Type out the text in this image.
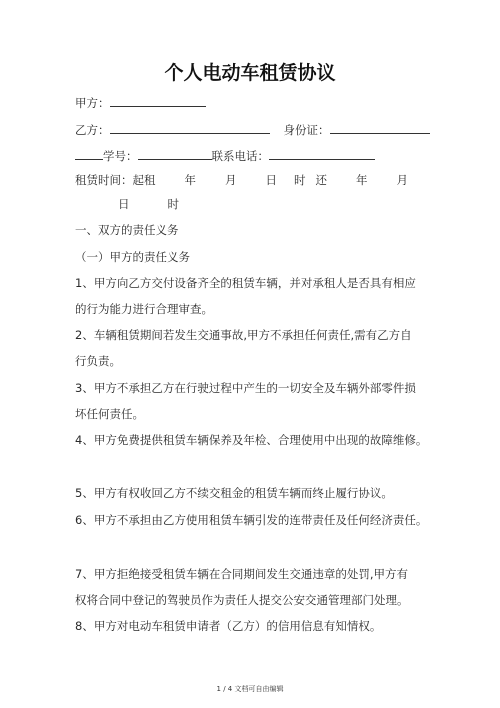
个人电动车租赁协议
甲方：
乙方：	身份证：
学号：	联系电话：
租赁时间：起租	年	月	日 时 还	年	月
日	时
一、双方的责任义务
（一）甲方的责任义务
1、甲方向乙方交付设备齐全的租赁车辆，并对承租人是否具有相应
的行为能力进行合理审查。
2、车辆租赁期间若发生交通事故,甲方不承担任何责任,需有乙方自
行负责。
3、甲方不承担乙方在行驶过程中产生的一切安全及车辆外部零件损
坏任何责任。
4、甲方免费提供租赁车辆保养及年检、合理使用中出现的故障维修。
5、甲方有权收回乙方不续交租金的租赁车辆而终止履行协议。
6、甲方不承担由乙方使用租赁车辆引发的连带责任及任何经济责任。
7、甲方拒绝接受租赁车辆在合同期间发生交通违章的处罚,甲方有
权将合同中登记的驾驶员作为责任人提交公安交通管理部门处理。
8、甲方对电动车租赁申请者（乙方）的信用信息有知情权。
1 / 4 文档可自由编辑
